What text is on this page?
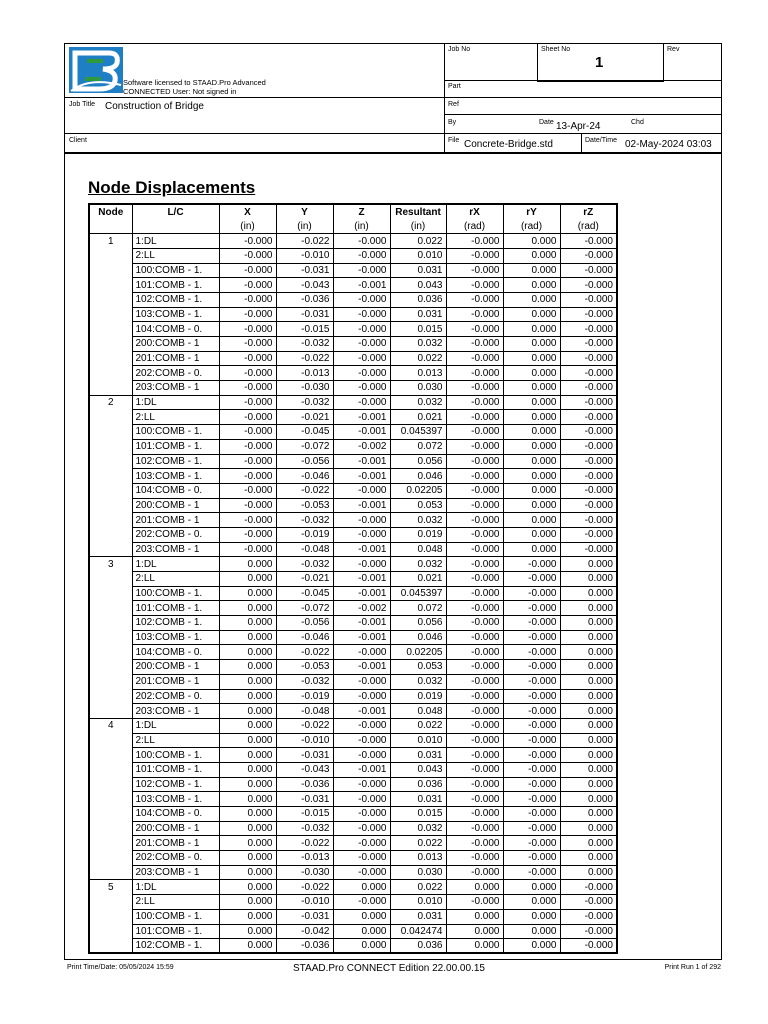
Software licensed to STAAD.Pro Advanced
CONNECTED User: Not signed in
Job No	Sheet No
1
Rev
Part
Job Title Construction of Bridge	Ref
By	Date 13-Apr-24	Chd
Client	File Concrete-Bridge.std	Date/Time 02-May-2024 03:03
Node Displacements
Node	L/C	X	Y	Z	Resultant	rX	rY	rZ
		(in)	(in)	(in)	(in)	(rad)	(rad)	(rad)
1	1:DL	-0.000	-0.022	-0.000	0.022	-0.000	0.000	-0.000
	2:LL	-0.000	-0.010	-0.000	0.010	-0.000	0.000	-0.000
	100:COMB - 1.	-0.000	-0.031	-0.000	0.031	-0.000	0.000	-0.000
	101:COMB - 1.	-0.000	-0.043	-0.001	0.043	-0.000	0.000	-0.000
	102:COMB - 1.	-0.000	-0.036	-0.000	0.036	-0.000	0.000	-0.000
	103:COMB - 1.	-0.000	-0.031	-0.000	0.031	-0.000	0.000	-0.000
	104:COMB - 0.	-0.000	-0.015	-0.000	0.015	-0.000	0.000	-0.000
	200:COMB - 1	-0.000	-0.032	-0.000	0.032	-0.000	0.000	-0.000
	201:COMB - 1	-0.000	-0.022	-0.000	0.022	-0.000	0.000	-0.000
	202:COMB - 0.	-0.000	-0.013	-0.000	0.013	-0.000	0.000	-0.000
	203:COMB - 1	-0.000	-0.030	-0.000	0.030	-0.000	0.000	-0.000
2	1:DL	-0.000	-0.032	-0.000	0.032	-0.000	0.000	-0.000
	2:LL	-0.000	-0.021	-0.001	0.021	-0.000	0.000	-0.000
	100:COMB - 1.	-0.000	-0.045	-0.001	0.045397	-0.000	0.000	-0.000
	101:COMB - 1.	-0.000	-0.072	-0.002	0.072	-0.000	0.000	-0.000
	102:COMB - 1.	-0.000	-0.056	-0.001	0.056	-0.000	0.000	-0.000
	103:COMB - 1.	-0.000	-0.046	-0.001	0.046	-0.000	0.000	-0.000
	104:COMB - 0.	-0.000	-0.022	-0.000	0.02205	-0.000	0.000	-0.000
	200:COMB - 1	-0.000	-0.053	-0.001	0.053	-0.000	0.000	-0.000
	201:COMB - 1	-0.000	-0.032	-0.000	0.032	-0.000	0.000	-0.000
	202:COMB - 0.	-0.000	-0.019	-0.000	0.019	-0.000	0.000	-0.000
	203:COMB - 1	-0.000	-0.048	-0.001	0.048	-0.000	0.000	-0.000
3	1:DL	0.000	-0.032	-0.000	0.032	-0.000	-0.000	0.000
	2:LL	0.000	-0.021	-0.001	0.021	-0.000	-0.000	0.000
	100:COMB - 1.	0.000	-0.045	-0.001	0.045397	-0.000	-0.000	0.000
	101:COMB - 1.	0.000	-0.072	-0.002	0.072	-0.000	-0.000	0.000
	102:COMB - 1.	0.000	-0.056	-0.001	0.056	-0.000	-0.000	0.000
	103:COMB - 1.	0.000	-0.046	-0.001	0.046	-0.000	-0.000	0.000
	104:COMB - 0.	0.000	-0.022	-0.000	0.02205	-0.000	-0.000	0.000
	200:COMB - 1	0.000	-0.053	-0.001	0.053	-0.000	-0.000	0.000
	201:COMB - 1	0.000	-0.032	-0.000	0.032	-0.000	-0.000	0.000
	202:COMB - 0.	0.000	-0.019	-0.000	0.019	-0.000	-0.000	0.000
	203:COMB - 1	0.000	-0.048	-0.001	0.048	-0.000	-0.000	0.000
4	1:DL	0.000	-0.022	-0.000	0.022	-0.000	-0.000	0.000
	2:LL	0.000	-0.010	-0.000	0.010	-0.000	-0.000	0.000
	100:COMB - 1.	0.000	-0.031	-0.000	0.031	-0.000	-0.000	0.000
	101:COMB - 1.	0.000	-0.043	-0.001	0.043	-0.000	-0.000	0.000
	102:COMB - 1.	0.000	-0.036	-0.000	0.036	-0.000	-0.000	0.000
	103:COMB - 1.	0.000	-0.031	-0.000	0.031	-0.000	-0.000	0.000
	104:COMB - 0.	0.000	-0.015	-0.000	0.015	-0.000	-0.000	0.000
	200:COMB - 1	0.000	-0.032	-0.000	0.032	-0.000	-0.000	0.000
	201:COMB - 1	0.000	-0.022	-0.000	0.022	-0.000	-0.000	0.000
	202:COMB - 0.	0.000	-0.013	-0.000	0.013	-0.000	-0.000	0.000
	203:COMB - 1	0.000	-0.030	-0.000	0.030	-0.000	-0.000	0.000
5	1:DL	0.000	-0.022	0.000	0.022	0.000	0.000	-0.000
	2:LL	0.000	-0.010	-0.000	0.010	-0.000	0.000	-0.000
	100:COMB - 1.	0.000	-0.031	0.000	0.031	0.000	0.000	-0.000
	101:COMB - 1.	0.000	-0.042	0.000	0.042474	0.000	0.000	-0.000
	102:COMB - 1.	0.000	-0.036	0.000	0.036	0.000	0.000	-0.000
Print Time/Date: 05/05/2024 15:59	STAAD.Pro CONNECT Edition 22.00.00.15	Print Run 1 of 292
